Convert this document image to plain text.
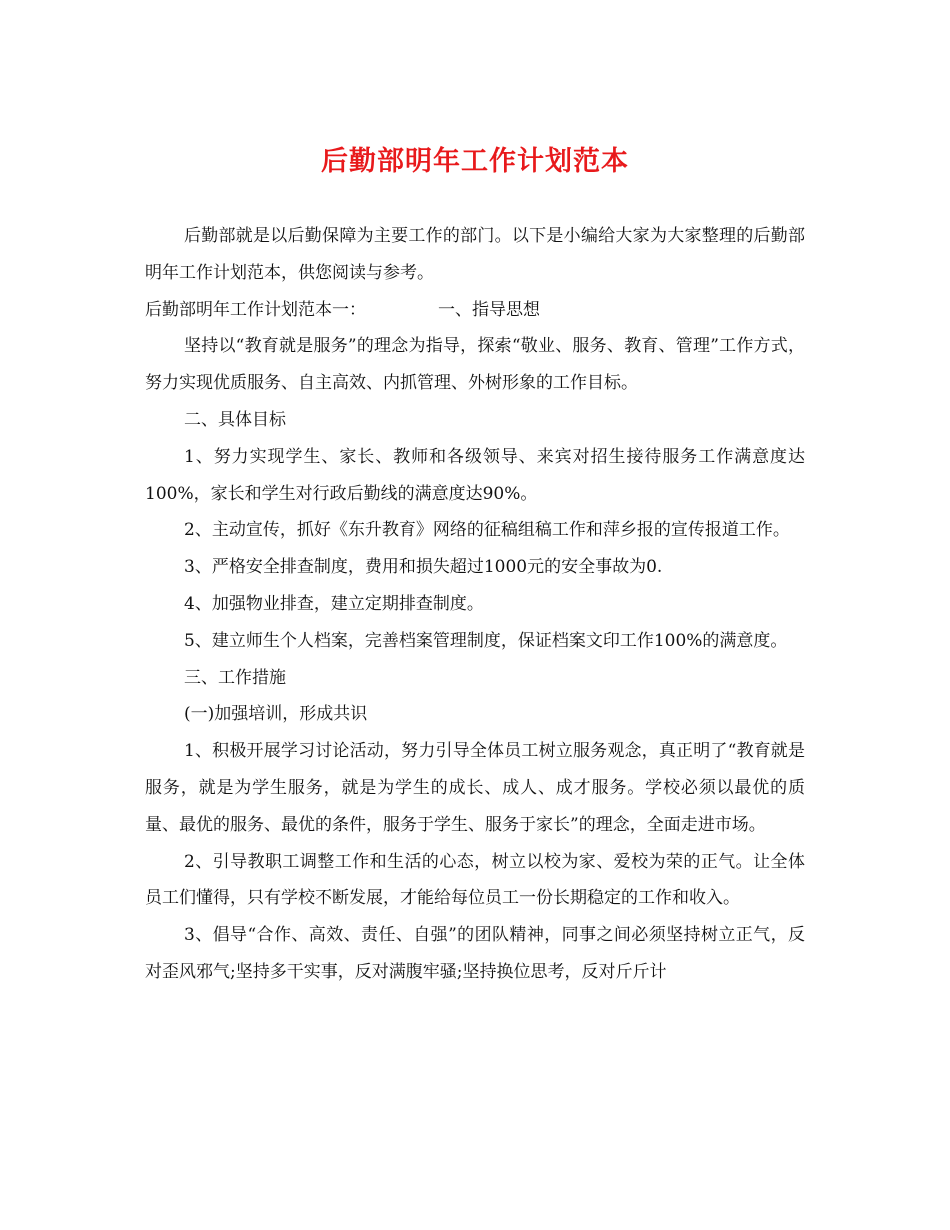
后勤部明年工作计划范本

后勤部就是以后勤保障为主要工作的部门。以下是小编给大家为大家整理的后勤部明年工作计划范本，供您阅读与参考。

后勤部明年工作计划范本一：	一、指导思想

坚持以“教育就是服务”的理念为指导，探索“敬业、服务、教育、管理”工作方式，努力实现优质服务、自主高效、内抓管理、外树形象的工作目标。

二、具体目标

1、努力实现学生、家长、教师和各级领导、来宾对招生接待服务工作满意度达100%，家长和学生对行政后勤线的满意度达90%。

2、主动宣传，抓好《东升教育》网络的征稿组稿工作和萍乡报的宣传报道工作。

3、严格安全排查制度，费用和损失超过1000元的安全事故为0.

4、加强物业排查，建立定期排查制度。

5、建立师生个人档案，完善档案管理制度，保证档案文印工作100%的满意度。

三、工作措施

(一)加强培训，形成共识

1、积极开展学习讨论活动，努力引导全体员工树立服务观念，真正明了“教育就是服务，就是为学生服务，就是为学生的成长、成人、成才服务。学校必须以最优的质量、最优的服务、最优的条件，服务于学生、服务于家长”的理念，全面走进市场。

2、引导教职工调整工作和生活的心态，树立以校为家、爱校为荣的正气。让全体员工们懂得，只有学校不断发展，才能给每位员工一份长期稳定的工作和收入。

3、倡导“合作、高效、责任、自强”的团队精神，同事之间必须坚持树立正气，反对歪风邪气;坚持多干实事，反对满腹牢骚;坚持换位思考，反对斤斤计
